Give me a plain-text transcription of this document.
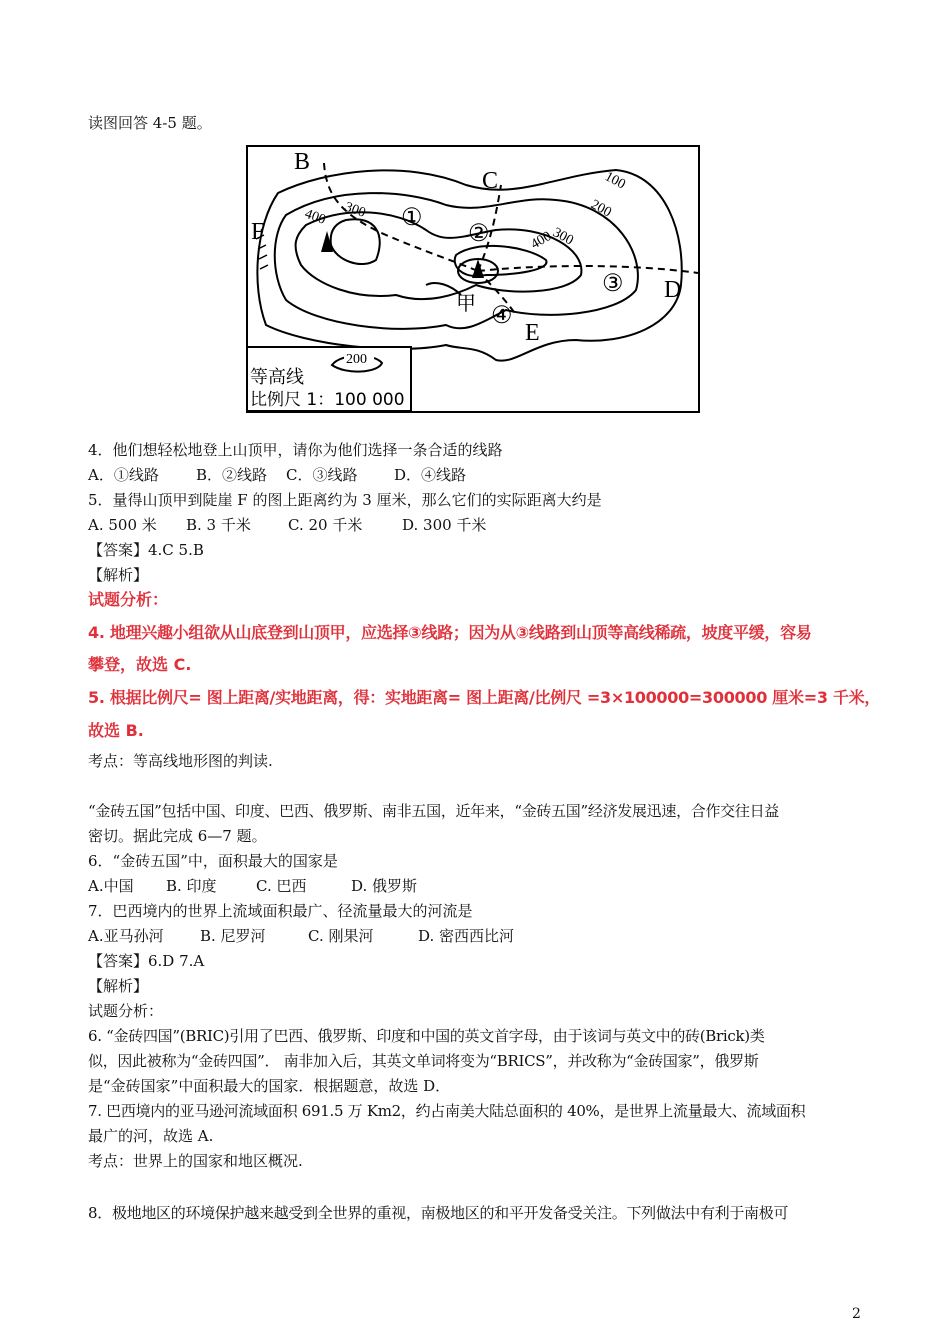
读图回答 4-5 题。
B
C
D
E
F
甲
①
②
③
④
100
200
300
400
300
400
200
等高线
比例尺 1：100 000
4．他们想轻松地登上山顶甲，请你为他们选择一条合适的线路
A．①线路 B．②线路 C．③线路 D．④线路
5．量得山顶甲到陡崖 F 的图上距离约为 3 厘米，那么它们的实际距离大约是
A. 500 米 B. 3 千米 C. 20 千米	D. 300 千米
【答案】4.C 5.B
【解析】
试题分析：
4. 地理兴趣小组欲从山底登到山顶甲，应选择③线路；因为从③线路到山顶等高线稀疏，坡度平缓，容易
攀登，故选 C.
5. 根据比例尺= 图上距离/实地距离，得：实地距离= 图上距离/比例尺 =3×100000=300000 厘米=3 千米，
故选 B.
考点：等高线地形图的判读.
“金砖五国”包括中国、印度、巴西、俄罗斯、南非五国，近年来，“金砖五国”经济发展迅速，合作交往日益
密切。据此完成 6—7 题。
6．“金砖五国”中，面积最大的国家是
A.中国 B. 印度	C. 巴西	D. 俄罗斯
7．巴西境内的世界上流域面积最广、径流量最大的河流是
A.亚马孙河 B. 尼罗河	C. 刚果河	D. 密西西比河
【答案】6.D 7.A
【解析】
试题分析：
6. “金砖四国”(BRIC)引用了巴西、俄罗斯、印度和中国的英文首字母，由于该词与英文中的砖(Brick)类
似，因此被称为“金砖四国”． 南非加入后，其英文单词将变为“BRICS”，并改称为“金砖国家”，俄罗斯
是“金砖国家”中面积最大的国家．根据题意，故选 D．
7. 巴西境内的亚马逊河流域面积 691.5 万 Km2，约占南美大陆总面积的 40%，是世界上流量最大、流域面积
最广的河，故选 A.
考点：世界上的国家和地区概况.
8．极地地区的环境保护越来越受到全世界的重视，南极地区的和平开发备受关注。下列做法中有利于南极可
2
